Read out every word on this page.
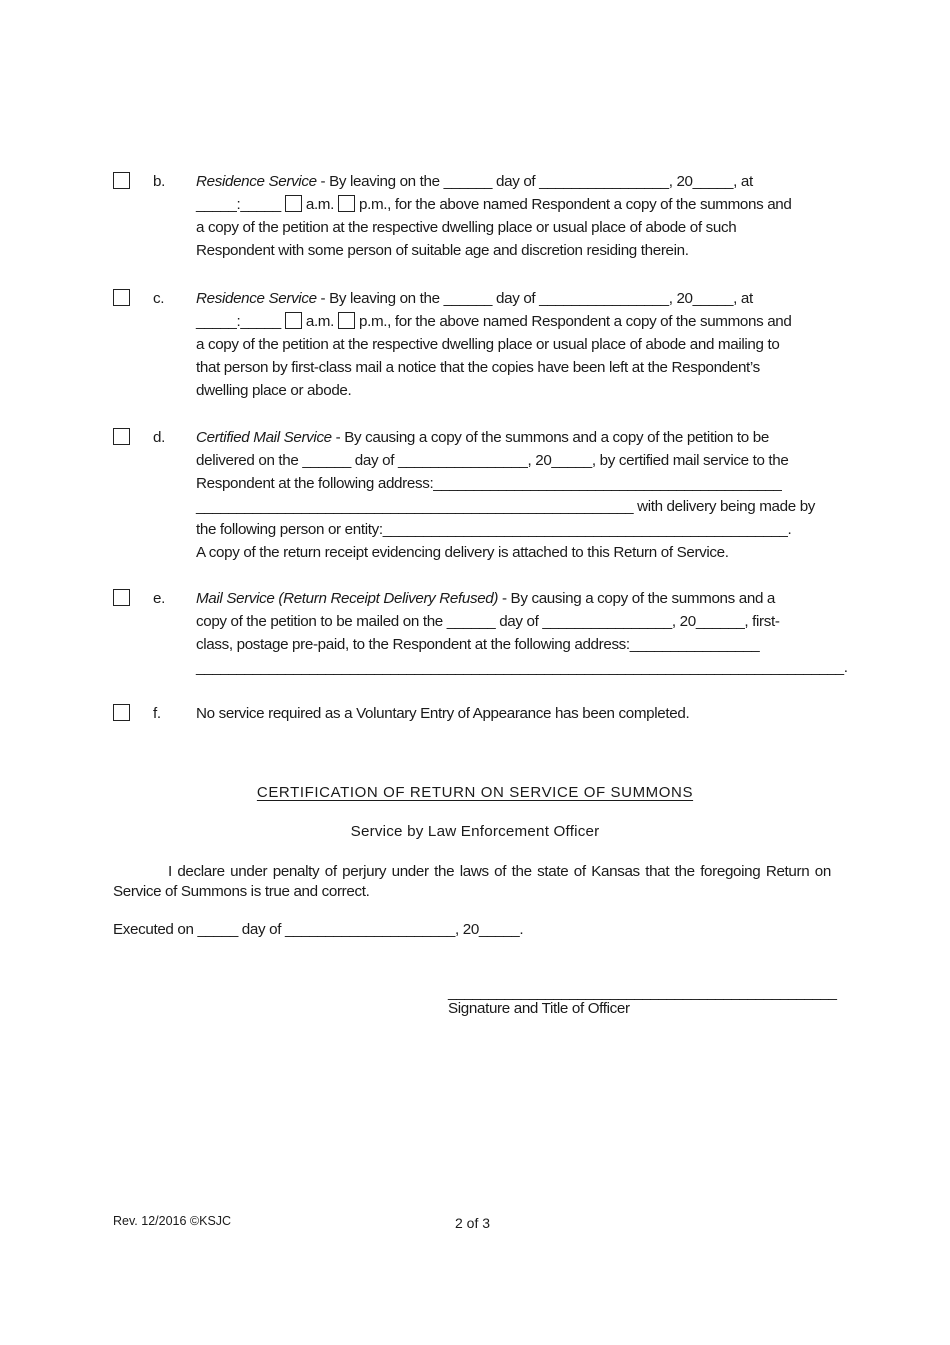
b. Residence Service - By leaving on the ______ day of ________________, 20_____, at
_____:_____ a.m. p.m., for the above named Respondent a copy of the summons and
a copy of the petition at the respective dwelling place or usual place of abode of such
Respondent with some person of suitable age and discretion residing therein.
c. Residence Service - By leaving on the ______ day of ________________, 20_____, at
_____:_____ a.m. p.m., for the above named Respondent a copy of the summons and
a copy of the petition at the respective dwelling place or usual place of abode and mailing to
that person by first-class mail a notice that the copies have been left at the Respondent’s
dwelling place or abode.
d. Certified Mail Service - By causing a copy of the summons and a copy of the petition to be
delivered on the ______ day of ________________, 20_____, by certified mail service to the
Respondent at the following address:___________________________________________
______________________________________________________ with delivery being made by
the following person or entity:__________________________________________________.
A copy of the return receipt evidencing delivery is attached to this Return of Service.
e. Mail Service (Return Receipt Delivery Refused) - By causing a copy of the summons and a
copy of the petition to be mailed on the ______ day of ________________, 20______, first-
class, postage pre-paid, to the Respondent at the following address:________________
________________________________________________________________________________.
f. No service required as a Voluntary Entry of Appearance has been completed.
CERTIFICATION OF RETURN ON SERVICE OF SUMMONS
Service by Law Enforcement Officer
I declare under penalty of perjury under the laws of the state of Kansas that the foregoing Return on Service of Summons is true and correct.
Executed on _____ day of _____________________, 20_____.
________________________________________________
Signature and Title of Officer
Rev. 12/2016 ©KSJC	2 of 3
